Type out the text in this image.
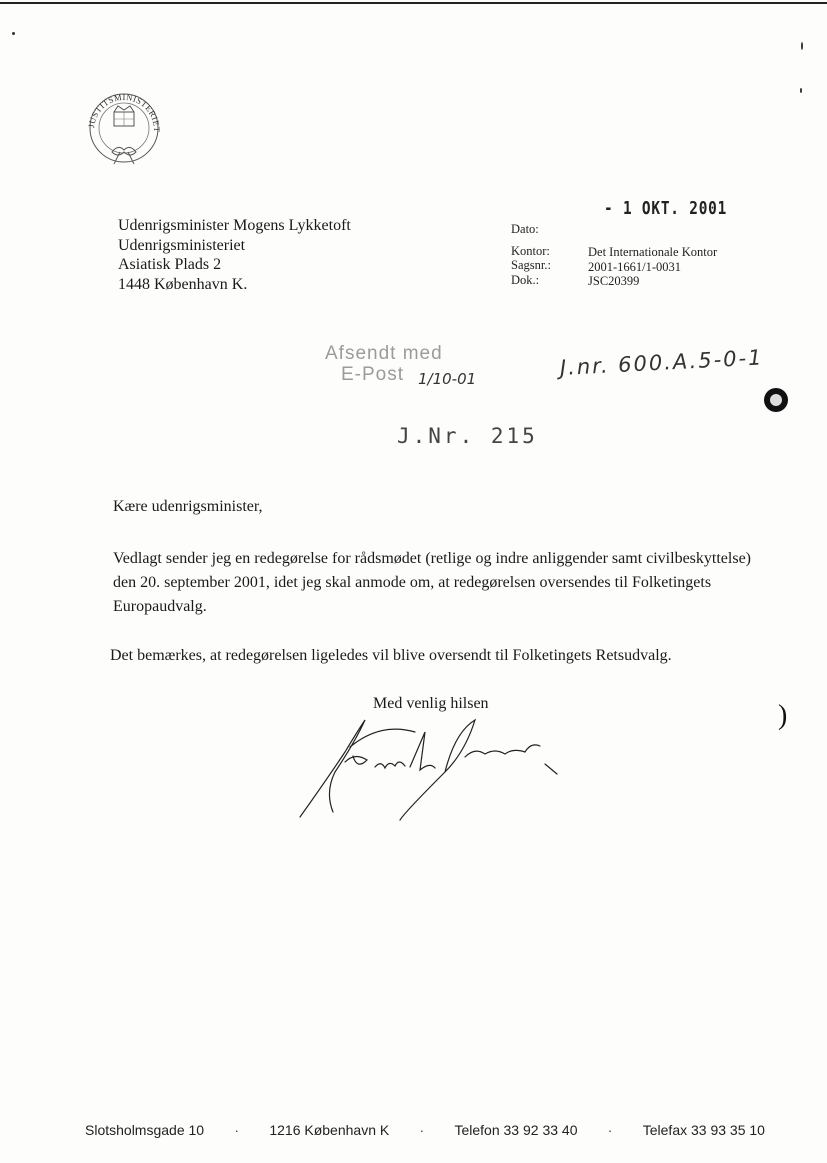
JUSTITSMINISTERIET
Udenrigsminister Mogens Lykketoft
Udenrigsministeriet
Asiatisk Plads 2
1448 København K.
- 1 OKT. 2001
Dato:
Kontor:
Sagsnr.:
Dok.:
Det Internationale Kontor
2001-1661/1-0031
JSC20399
Afsendt med
E-Post 1/10-01	J.nr. 600.A.5-0-1
J.Nr. 215
Kære udenrigsminister,
Vedlagt sender jeg en redegørelse for rådsmødet (retlige og indre anliggender samt civilbeskyttelse) den 20. september 2001, idet jeg skal anmode om, at redegørelsen oversendes til Folketingets Europaudvalg.
Det bemærkes, at redegørelsen ligeledes vil blive oversendt til Folketingets Retsudvalg.
Med venlig hilsen	)
Slotsholmsgade 10 · 1216 København K · Telefon 33 92 33 40 · Telefax 33 93 35 10
